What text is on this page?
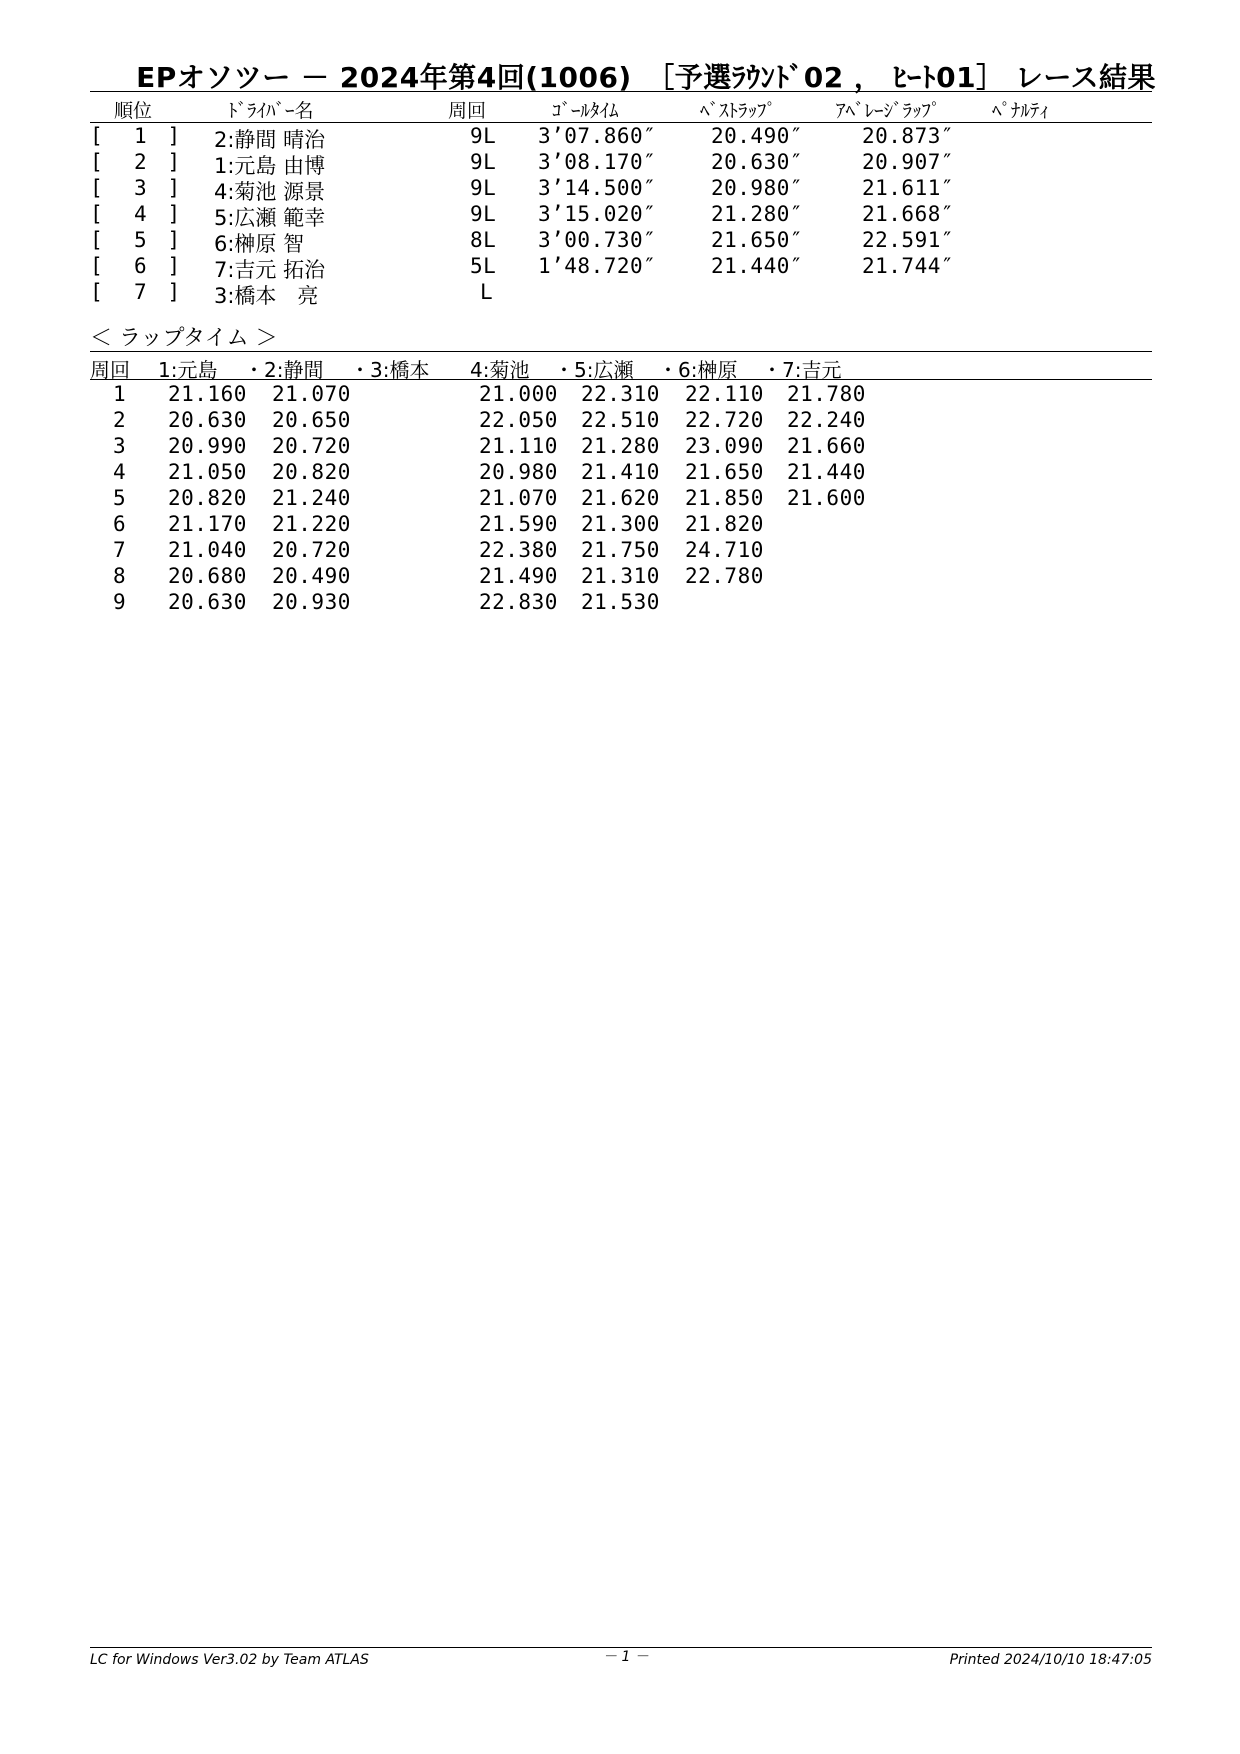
EPオソツー － 2024年第4回(1006)　［予選ﾗｳﾝﾄﾞ02 ， ﾋｰﾄ01］ レース結果
順位	ﾄﾞﾗｲﾊﾞｰ名	周回	ｺﾞｰﾙﾀｲﾑ	ﾍﾞｽﾄﾗｯﾌﾟ	ｱﾍﾞﾚｰｼﾞﾗｯﾌﾟ	ﾍﾟﾅﾙﾃｨ
[ 1 ] 2:静間 晴治	9L 3’07.860″	20.490″	20.873″
[ 2 ] 1:元島 由博	9L 3’08.170″	20.630″	20.907″
[ 3 ] 4:菊池 源景	9L 3’14.500″	20.980″	21.611″
[ 4 ] 5:広瀬 範幸	9L 3’15.020″	21.280″	21.668″
[ 5 ] 6:榊原 智	8L 3’00.730″	21.650″	22.591″
[ 6 ] 7:吉元 拓治	5L 1’48.720″	21.440″	21.744″
[ 7 ] 3:橋本　亮	L
＜ ラップタイム ＞
周回 1:元島 ・2:静間 ・3:橋本 4:菊池 ・5:広瀬 ・6:榊原 ・7:吉元
1 21.160 21.070	21.000 22.310 22.110 21.780
2 20.630 20.650	22.050 22.510 22.720 22.240
3 20.990 20.720	21.110 21.280 23.090 21.660
4 21.050 20.820	20.980 21.410 21.650 21.440
5 20.820 21.240	21.070 21.620 21.850 21.600
6 21.170 21.220	21.590 21.300 21.820
7 21.040 20.720	22.380 21.750 24.710
8 20.680 20.490	21.490 21.310 22.780
9 20.630 20.930	22.830 21.530
LC for Windows Ver3.02 by Team ATLAS	－ 1 －	Printed 2024/10/10 18:47:05
